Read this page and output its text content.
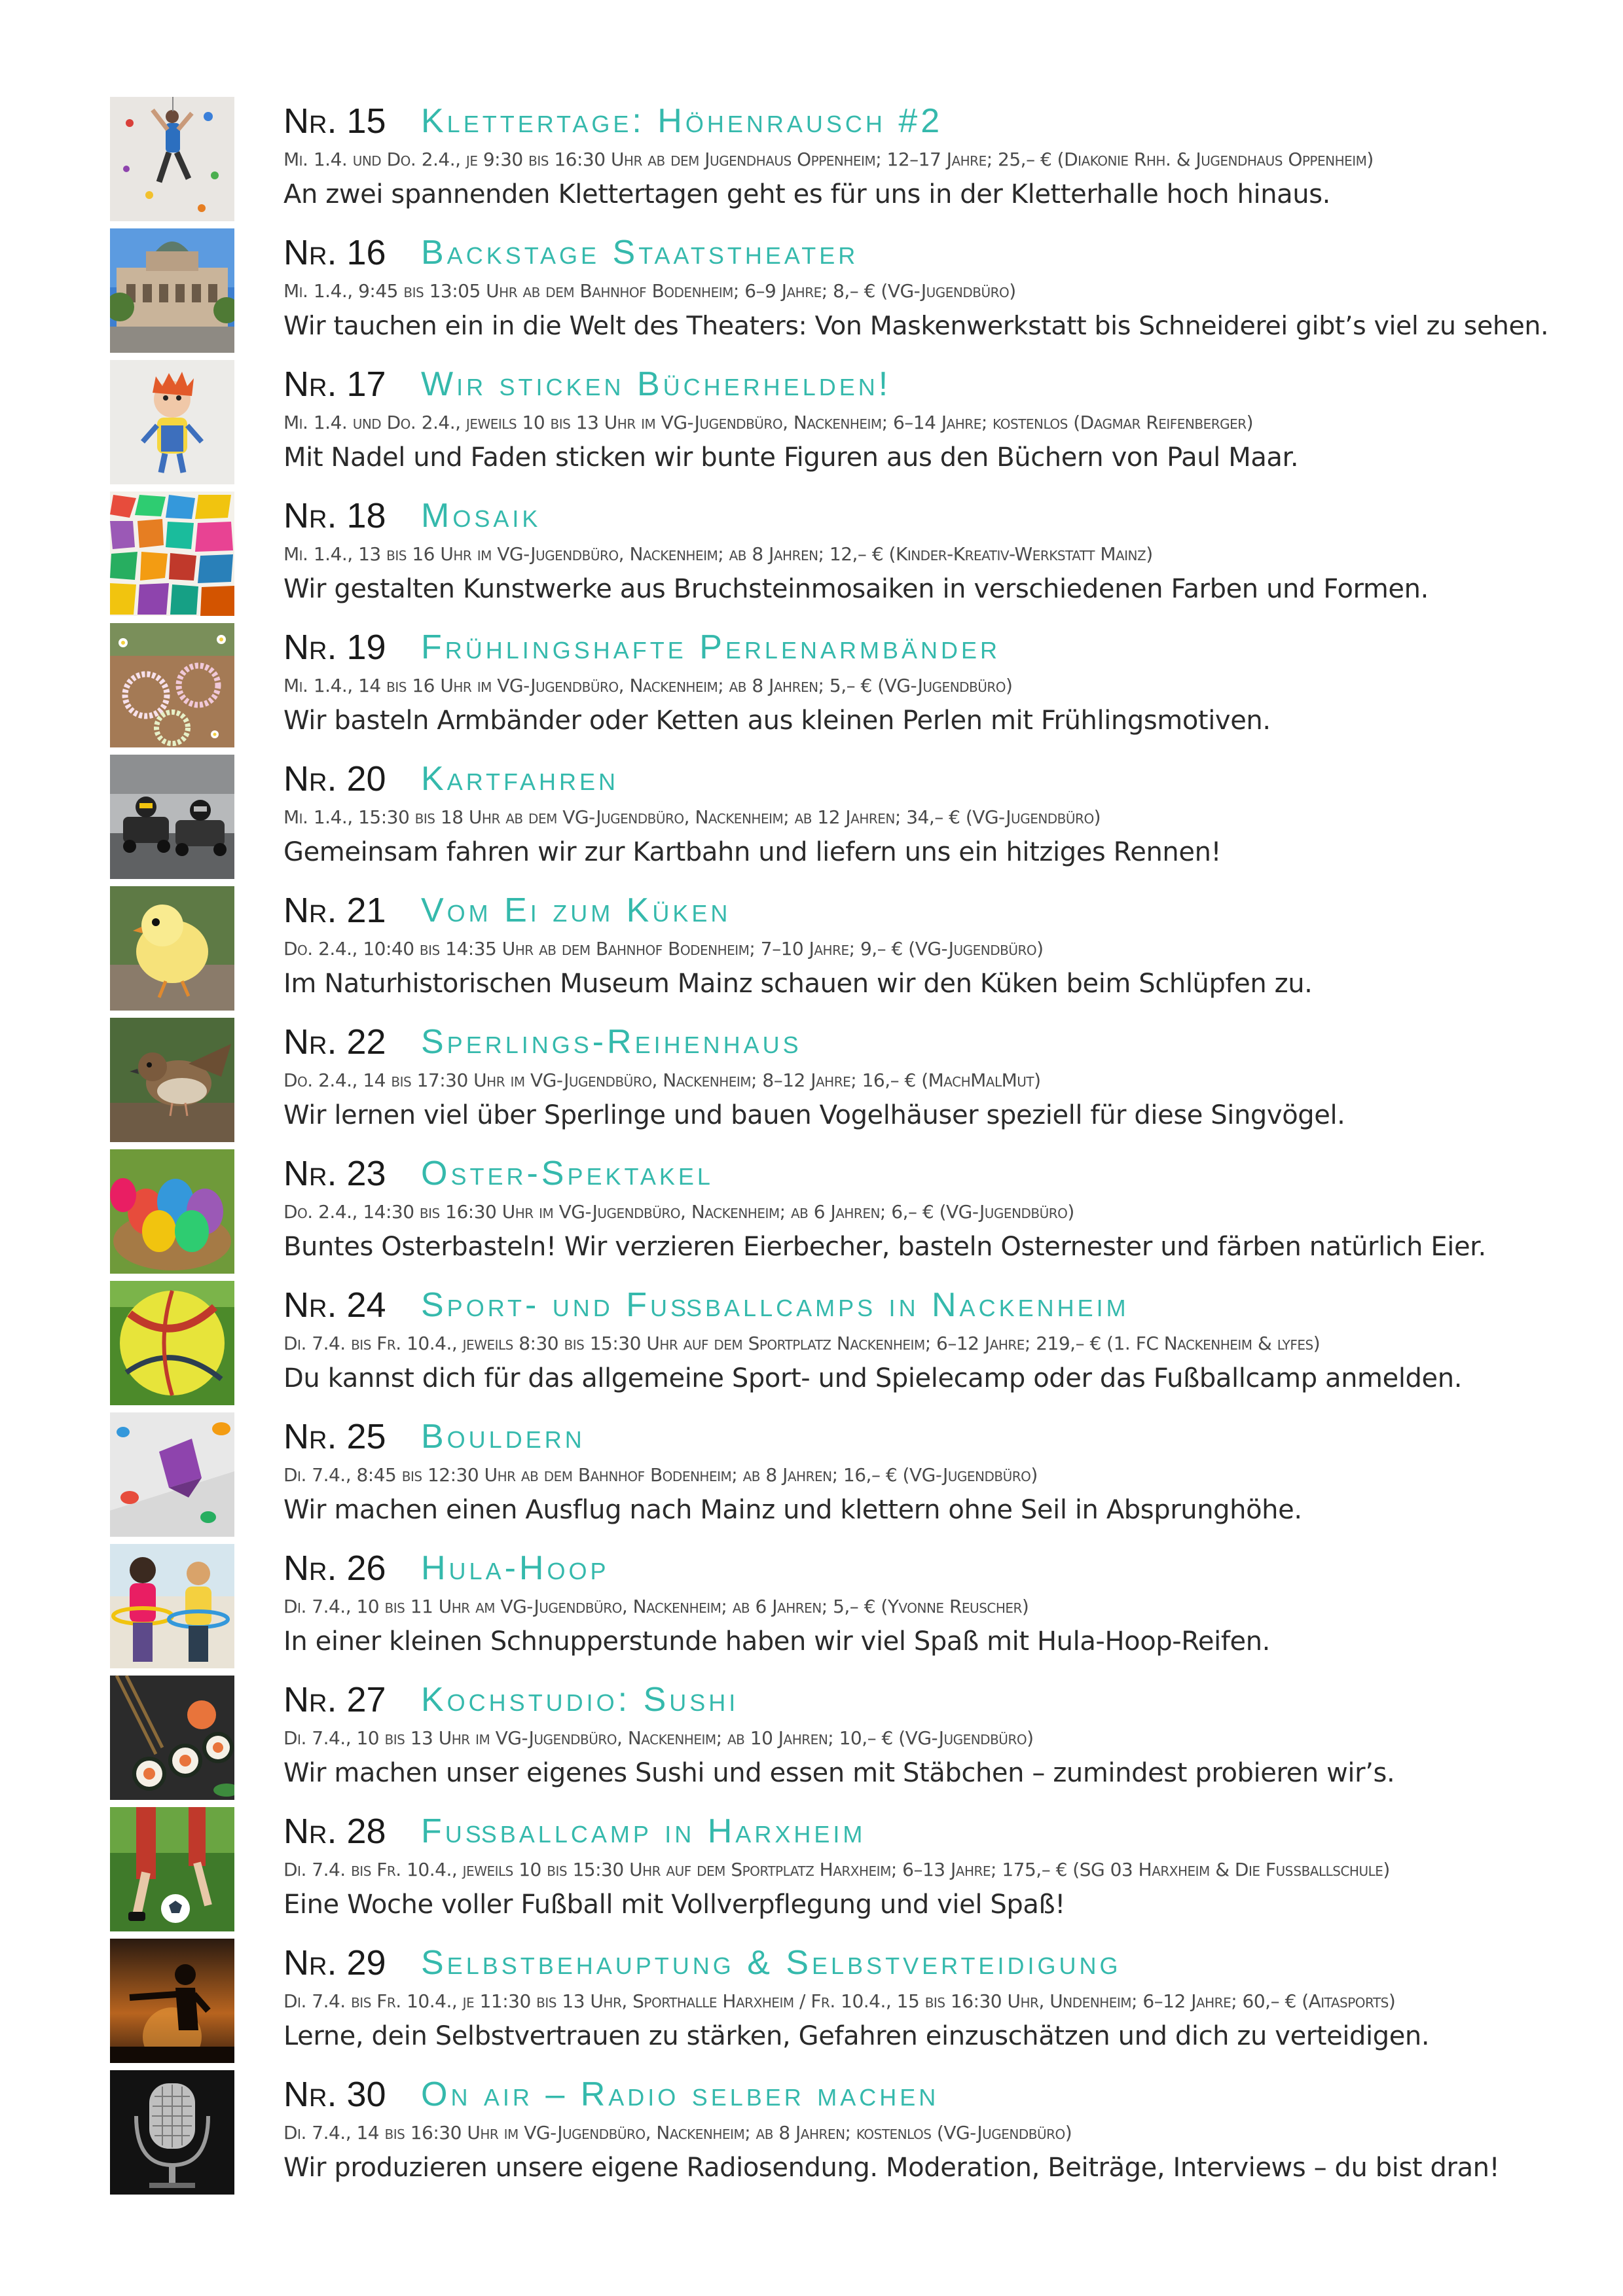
Nr. 15 Klettertage: Höhenrausch #2
Mi. 1.4. und Do. 2.4., je 9:30 bis 16:30 Uhr ab dem Jugendhaus Oppenheim; 12–17 Jahre; 25,– € (Diakonie Rhh. & Jugendhaus Oppenheim)
An zwei spannenden Klettertagen geht es für uns in der Kletterhalle hoch hinaus.
Nr. 16 Backstage Staatstheater
Mi. 1.4., 9:45 bis 13:05 Uhr ab dem Bahnhof Bodenheim; 6–9 Jahre; 8,– € (VG-Jugendbüro)
Wir tauchen ein in die Welt des Theaters: Von Maskenwerkstatt bis Schneiderei gibt’s viel zu sehen.
Nr. 17 Wir sticken Bücherhelden!
Mi. 1.4. und Do. 2.4., jeweils 10 bis 13 Uhr im VG-Jugendbüro, Nackenheim; 6–14 Jahre; kostenlos (Dagmar Reifenberger)
Mit Nadel und Faden sticken wir bunte Figuren aus den Büchern von Paul Maar.
Nr. 18 Mosaik
Mi. 1.4., 13 bis 16 Uhr im VG-Jugendbüro, Nackenheim; ab 8 Jahren; 12,– € (Kinder-Kreativ-Werkstatt Mainz)
Wir gestalten Kunstwerke aus Bruchsteinmosaiken in verschiedenen Farben und Formen.
Nr. 19 Frühlingshafte Perlenarmbänder
Mi. 1.4., 14 bis 16 Uhr im VG-Jugendbüro, Nackenheim; ab 8 Jahren; 5,– € (VG-Jugendbüro)
Wir basteln Armbänder oder Ketten aus kleinen Perlen mit Frühlingsmotiven.
Nr. 20 Kartfahren
Mi. 1.4., 15:30 bis 18 Uhr ab dem VG-Jugendbüro, Nackenheim; ab 12 Jahren; 34,– € (VG-Jugendbüro)
Gemeinsam fahren wir zur Kartbahn und liefern uns ein hitziges Rennen!
Nr. 21 Vom Ei zum Küken
Do. 2.4., 10:40 bis 14:35 Uhr ab dem Bahnhof Bodenheim; 7–10 Jahre; 9,– € (VG-Jugendbüro)
Im Naturhistorischen Museum Mainz schauen wir den Küken beim Schlüpfen zu.
Nr. 22 Sperlings-Reihenhaus
Do. 2.4., 14 bis 17:30 Uhr im VG-Jugendbüro, Nackenheim; 8–12 Jahre; 16,– € (MachMalMut)
Wir lernen viel über Sperlinge und bauen Vogelhäuser speziell für diese Singvögel.
Nr. 23 Oster-Spektakel
Do. 2.4., 14:30 bis 16:30 Uhr im VG-Jugendbüro, Nackenheim; ab 6 Jahren; 6,– € (VG-Jugendbüro)
Buntes Osterbasteln! Wir verzieren Eierbecher, basteln Osternester und färben natürlich Eier.
Nr. 24 Sport- und Fußballcamps in Nackenheim
Di. 7.4. bis Fr. 10.4., jeweils 8:30 bis 15:30 Uhr auf dem Sportplatz Nackenheim; 6–12 Jahre; 219,– € (1. FC Nackenheim & lyfes)
Du kannst dich für das allgemeine Sport- und Spielecamp oder das Fußballcamp anmelden.
Nr. 25 Bouldern
Di. 7.4., 8:45 bis 12:30 Uhr ab dem Bahnhof Bodenheim; ab 8 Jahren; 16,– € (VG-Jugendbüro)
Wir machen einen Ausflug nach Mainz und klettern ohne Seil in Absprunghöhe.
Nr. 26 Hula-Hoop
Di. 7.4., 10 bis 11 Uhr am VG-Jugendbüro, Nackenheim; ab 6 Jahren; 5,– € (Yvonne Reuscher)
In einer kleinen Schnupperstunde haben wir viel Spaß mit Hula-Hoop-Reifen.
Nr. 27 Kochstudio: Sushi
Di. 7.4., 10 bis 13 Uhr im VG-Jugendbüro, Nackenheim; ab 10 Jahren; 10,– € (VG-Jugendbüro)
Wir machen unser eigenes Sushi und essen mit Stäbchen – zumindest probieren wir’s.
Nr. 28 Fußballcamp in Harxheim
Di. 7.4. bis Fr. 10.4., jeweils 10 bis 15:30 Uhr auf dem Sportplatz Harxheim; 6–13 Jahre; 175,– € (SG 03 Harxheim & Die Fußballschule)
Eine Woche voller Fußball mit Vollverpflegung und viel Spaß!
Nr. 29 Selbstbehauptung & Selbstverteidigung
Di. 7.4. bis Fr. 10.4., je 11:30 bis 13 Uhr, Sporthalle Harxheim / Fr. 10.4., 15 bis 16:30 Uhr, Undenheim; 6–12 Jahre; 60,– € (Aitasports)
Lerne, dein Selbstvertrauen zu stärken, Gefahren einzuschätzen und dich zu verteidigen.
Nr. 30 On air – Radio selber machen
Di. 7.4., 14 bis 16:30 Uhr im VG-Jugendbüro, Nackenheim; ab 8 Jahren; kostenlos (VG-Jugendbüro)
Wir produzieren unsere eigene Radiosendung. Moderation, Beiträge, Interviews – du bist dran!
